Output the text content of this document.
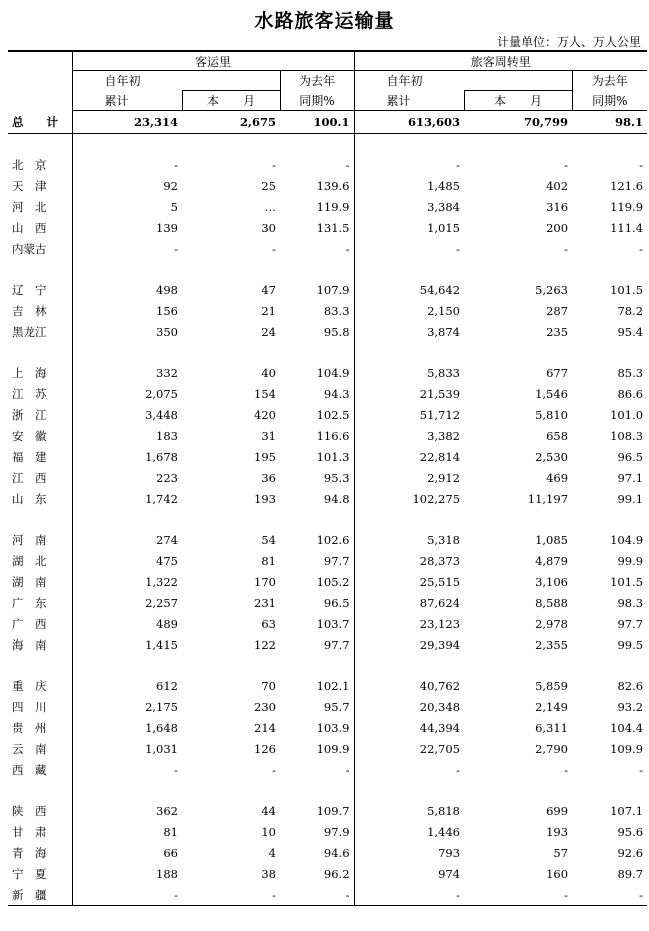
水路旅客运输量
计量单位：万人、万人公里
	客运里			旅客周转里		
	自年初		为去年	自年初		为去年
	累计	本　　月	同期%	累计	本　　月	同期%
总　　计	23,314	2,675	100.1	613,603	70,799	98.1

北　京	-	-	-	-	-	-
天　津	92	25	139.6	1,485	402	121.6
河　北	5	…	119.9	3,384	316	119.9
山　西	139	30	131.5	1,015	200	111.4
内蒙古	-	-	-	-	-	-

辽　宁	498	47	107.9	54,642	5,263	101.5
吉　林	156	21	83.3	2,150	287	78.2
黑龙江	350	24	95.8	3,874	235	95.4

上　海	332	40	104.9	5,833	677	85.3
江　苏	2,075	154	94.3	21,539	1,546	86.6
浙　江	3,448	420	102.5	51,712	5,810	101.0
安　徽	183	31	116.6	3,382	658	108.3
福　建	1,678	195	101.3	22,814	2,530	96.5
江　西	223	36	95.3	2,912	469	97.1
山　东	1,742	193	94.8	102,275	11,197	99.1

河　南	274	54	102.6	5,318	1,085	104.9
湖　北	475	81	97.7	28,373	4,879	99.9
湖　南	1,322	170	105.2	25,515	3,106	101.5
广　东	2,257	231	96.5	87,624	8,588	98.3
广　西	489	63	103.7	23,123	2,978	97.7
海　南	1,415	122	97.7	29,394	2,355	99.5

重　庆	612	70	102.1	40,762	5,859	82.6
四　川	2,175	230	95.7	20,348	2,149	93.2
贵　州	1,648	214	103.9	44,394	6,311	104.4
云　南	1,031	126	109.9	22,705	2,790	109.9
西　藏	-	-	-	-	-	-

陕　西	362	44	109.7	5,818	699	107.1
甘　肃	81	10	97.9	1,446	193	95.6
青　海	66	4	94.6	793	57	92.6
宁　夏	188	38	96.2	974	160	89.7
新　疆	-	-	-	-	-	-
